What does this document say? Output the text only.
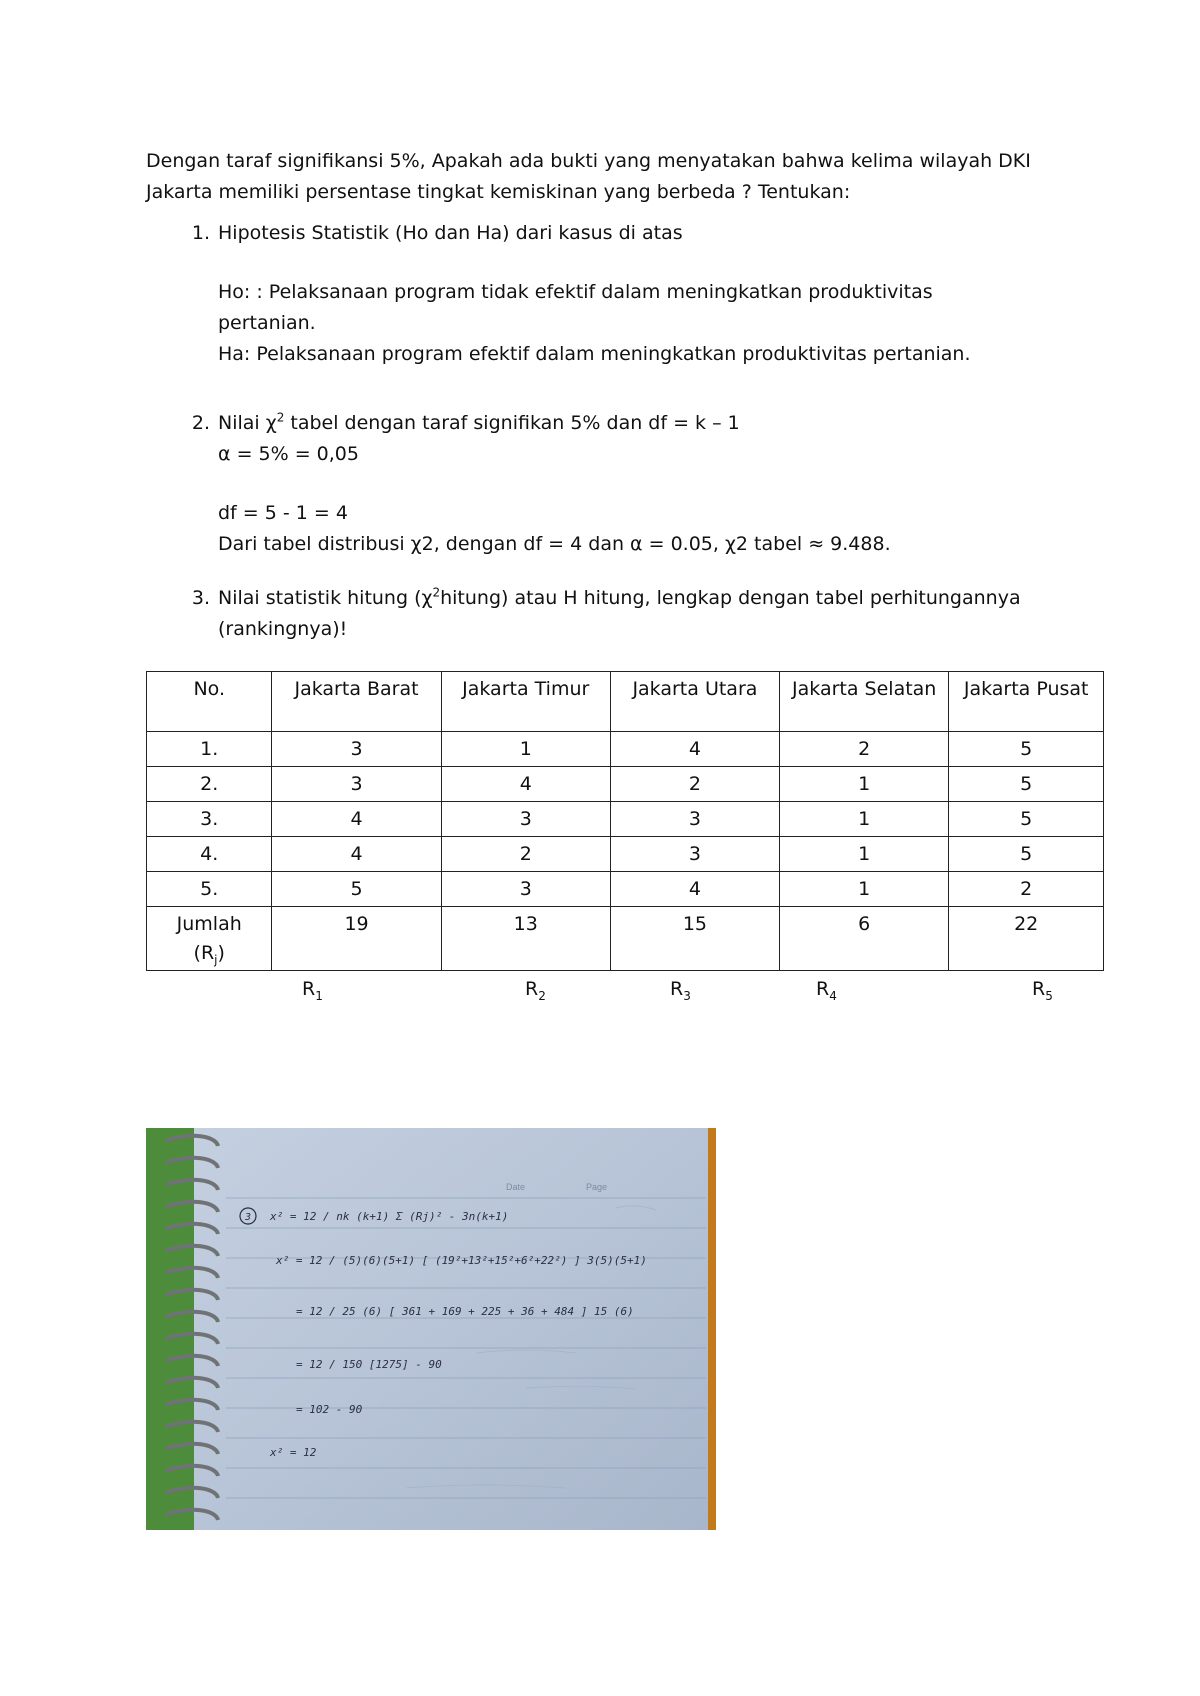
Dengan taraf signifikansi 5%, Apakah ada bukti yang menyatakan bahwa kelima wilayah DKI Jakarta memiliki persentase tingkat kemiskinan yang berbeda ? Tentukan:

1. Hipotesis Statistik (Ho dan Ha) dari kasus di atas

Ho: : Pelaksanaan program tidak efektif dalam meningkatkan produktivitas pertanian.

Ha: Pelaksanaan program efektif dalam meningkatkan produktivitas pertanian.

2. Nilai $\chi^2$ tabel dengan taraf signifikan 5% dan df = k – 1

α = 5% = 0,05

df = 5 - 1 = 4

Dari tabel distribusi χ2, dengan df = 4 dan α = 0.05, χ2 tabel ≈ 9.488.

3. Nilai statistik hitung $(\chi^2hitung)$ atau H hitung, lengkap dengan tabel perhitungannya (rankingnya)!

No.	Jakarta Barat	Jakarta Timur	Jakarta Utara	Jakarta Selatan	Jakarta Pusat
1.	3	1	4	2	5
2.	3	4	2	1	5
3.	4	3	3	1	5
4.	4	2	3	1	5
5.	5	3	4	1	2
Jumlah
$(R_j)$	19	13	15	6	22
$R_1$	$R_2$	$R_3$	$R_4$	$R_5$
Date	Page
3 x² = 12 / nk (k+1) Σ (Rj)² - 3n(k+1)
x² = 12 / (5)(6)(5+1) [ (19²+13²+15²+6²+22²) ] 3(5)(5+1)
= 12 / 25 (6) [ 361 + 169 + 225 + 36 + 484 ] 15 (6)
= 12 / 150 [1275] - 90
= 102 - 90
x² = 12
